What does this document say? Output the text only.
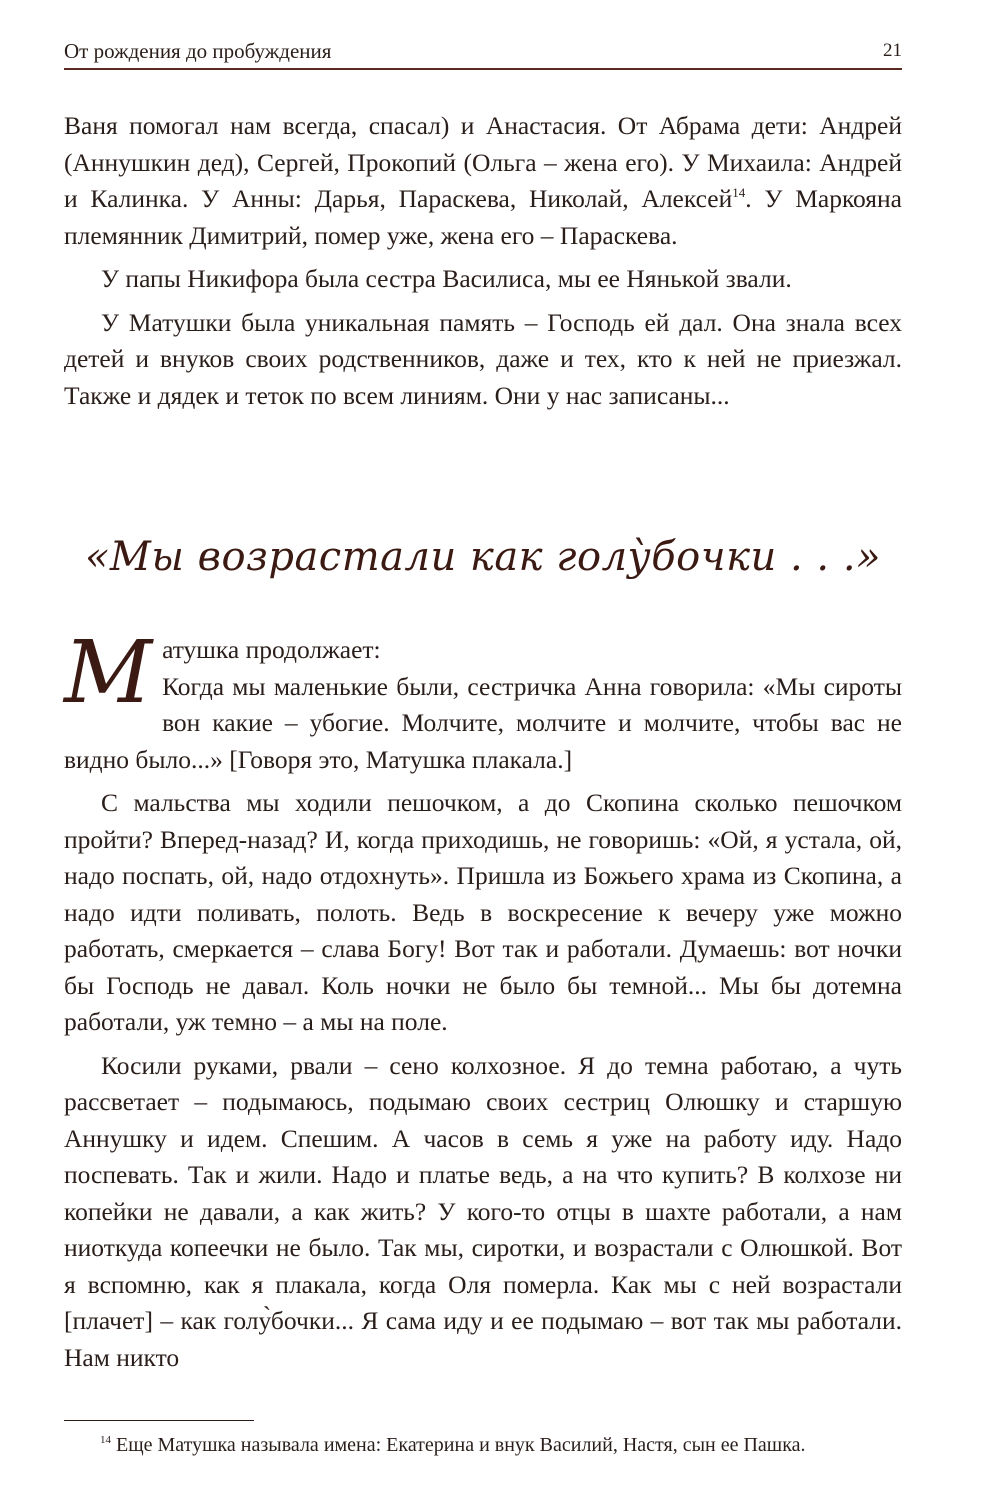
От рождения до пробуждения	21

Ваня помогал нам всегда, спасал) и Анастасия. От Абрама дети: Андрей (Аннушкин дед), Сергей, Прокопий (Ольга – жена его). У Михаила: Андрей и Калинка. У Анны: Дарья, Параскева, Николай, Алексей$^{14}$. У Маркояна племянник Димитрий, помер уже, жена его – Параскева.

У папы Никифора была сестра Василиса, мы ее Нянькой звали.

У Матушки была уникальная память – Господь ей дал. Она знала всех детей и внуков своих родственников, даже и тех, кто к ней не приезжал. Также и дядек и теток по всем линиям. Они у нас записаны...

«Мы возрастали как голу̀бочки . . .»

Матушка продолжает:
Когда мы маленькие были, сестричка Анна говорила: «Мы сироты вон какие – убогие. Молчите, молчите и молчите, чтобы вас не видно было...» [Говоря это, Матушка плакала.]

С мальства мы ходили пешочком, а до Скопина сколько пешочком пройти? Вперед-назад? И, когда приходишь, не говоришь: «Ой, я устала, ой, надо поспать, ой, надо отдохнуть». Пришла из Божьего храма из Скопина, а надо идти поливать, полоть. Ведь в воскресение к вечеру уже можно работать, смеркается – слава Богу! Вот так и работали. Думаешь: вот ночки бы Господь не давал. Коль ночки не было бы темной... Мы бы дотемна работали, уж темно – а мы на поле.

Косили руками, рвали – сено колхозное. Я до темна работаю, а чуть рассветает – подымаюсь, подымаю своих сестриц Олюшку и старшую Аннушку и идем. Спешим. А часов в семь я уже на работу иду. Надо поспевать. Так и жили. Надо и платье ведь, а на что купить? В колхозе ни копейки не давали, а как жить? У кого-то отцы в шахте работали, а нам ниоткуда копеечки не было. Так мы, сиротки, и возрастали с Олюшкой. Вот я вспомню, как я плакала, когда Оля померла. Как мы с ней возрастали [плачет] – как голу̀бочки... Я сама иду и ее подымаю – вот так мы работали. Нам никто

$^{14}$ Еще Матушка называла имена: Екатерина и внук Василий, Настя, сын ее Пашка.
